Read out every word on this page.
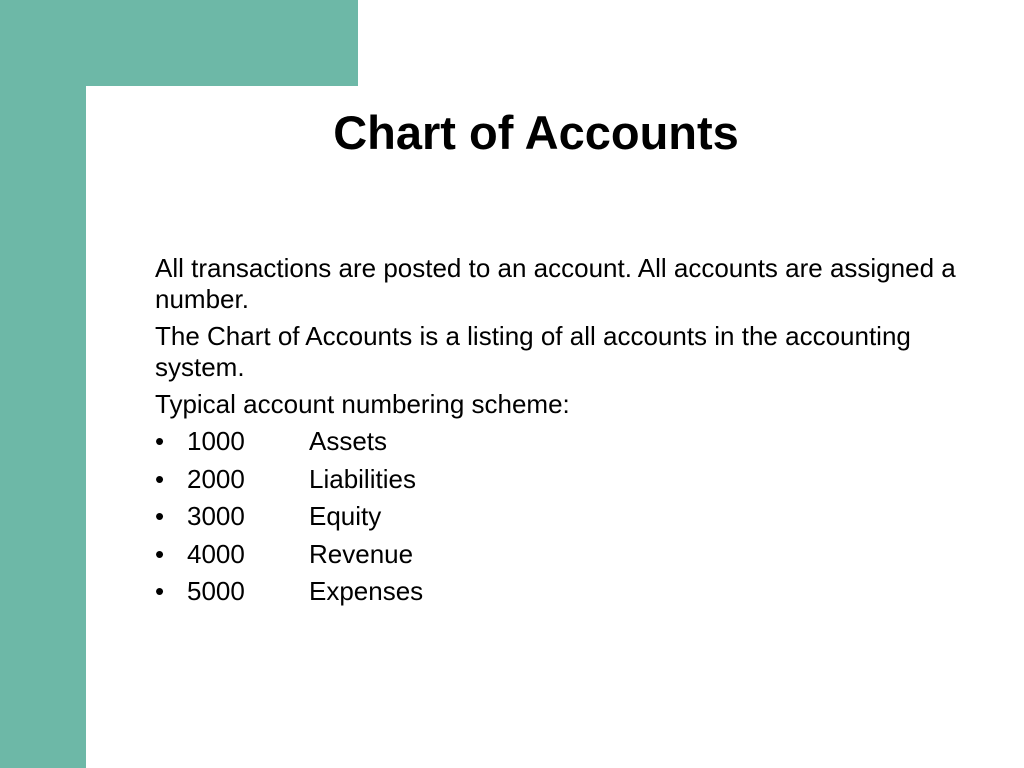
Chart of Accounts

All transactions are posted to an account. All accounts are assigned a number.

The Chart of Accounts is a listing of all accounts in the accounting system.

Typical account numbering scheme:

• 1000	Assets
• 2000	Liabilities
• 3000	Equity
• 4000	Revenue
• 5000	Expenses
